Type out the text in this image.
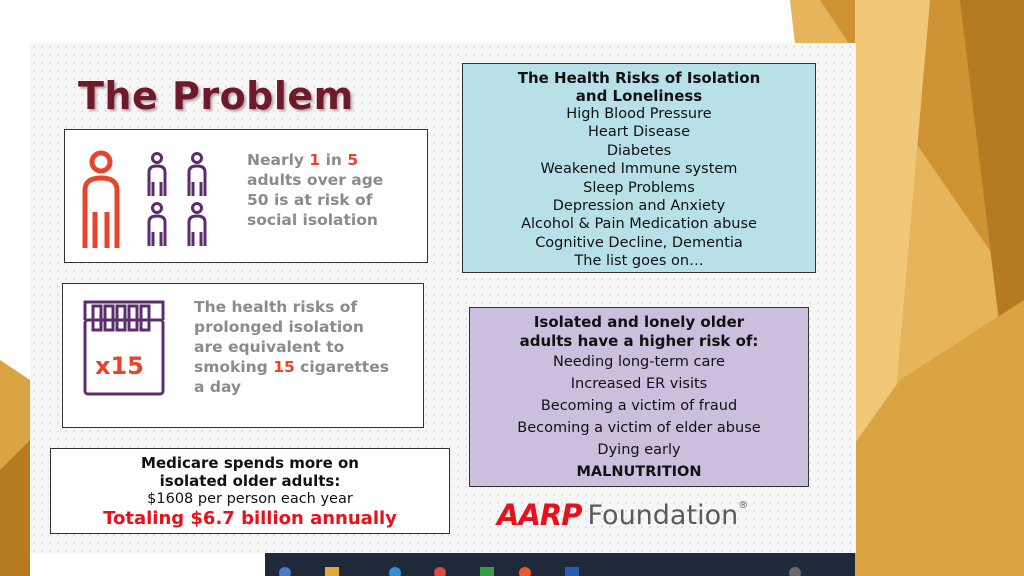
The Problem
Nearly 1 in 5
adults over age
50 is at risk of
social isolation
x15
The health risks of
prolonged isolation
are equivalent to
smoking 15 cigarettes
a day
The Health Risks of Isolation
and Loneliness
High Blood Pressure
Heart Disease
Diabetes
Weakened Immune system
Sleep Problems
Depression and Anxiety
Alcohol & Pain Medication abuse
Cognitive Decline, Dementia
The list goes on…
Isolated and lonely older
adults have a higher risk of:
Needing long-term care
Increased ER visits
Becoming a victim of fraud
Becoming a victim of elder abuse
Dying early
MALNUTRITION
Medicare spends more on
isolated older adults:
$1608 per person each year
Totaling $6.7 billion annually	AARP Foundation ®
